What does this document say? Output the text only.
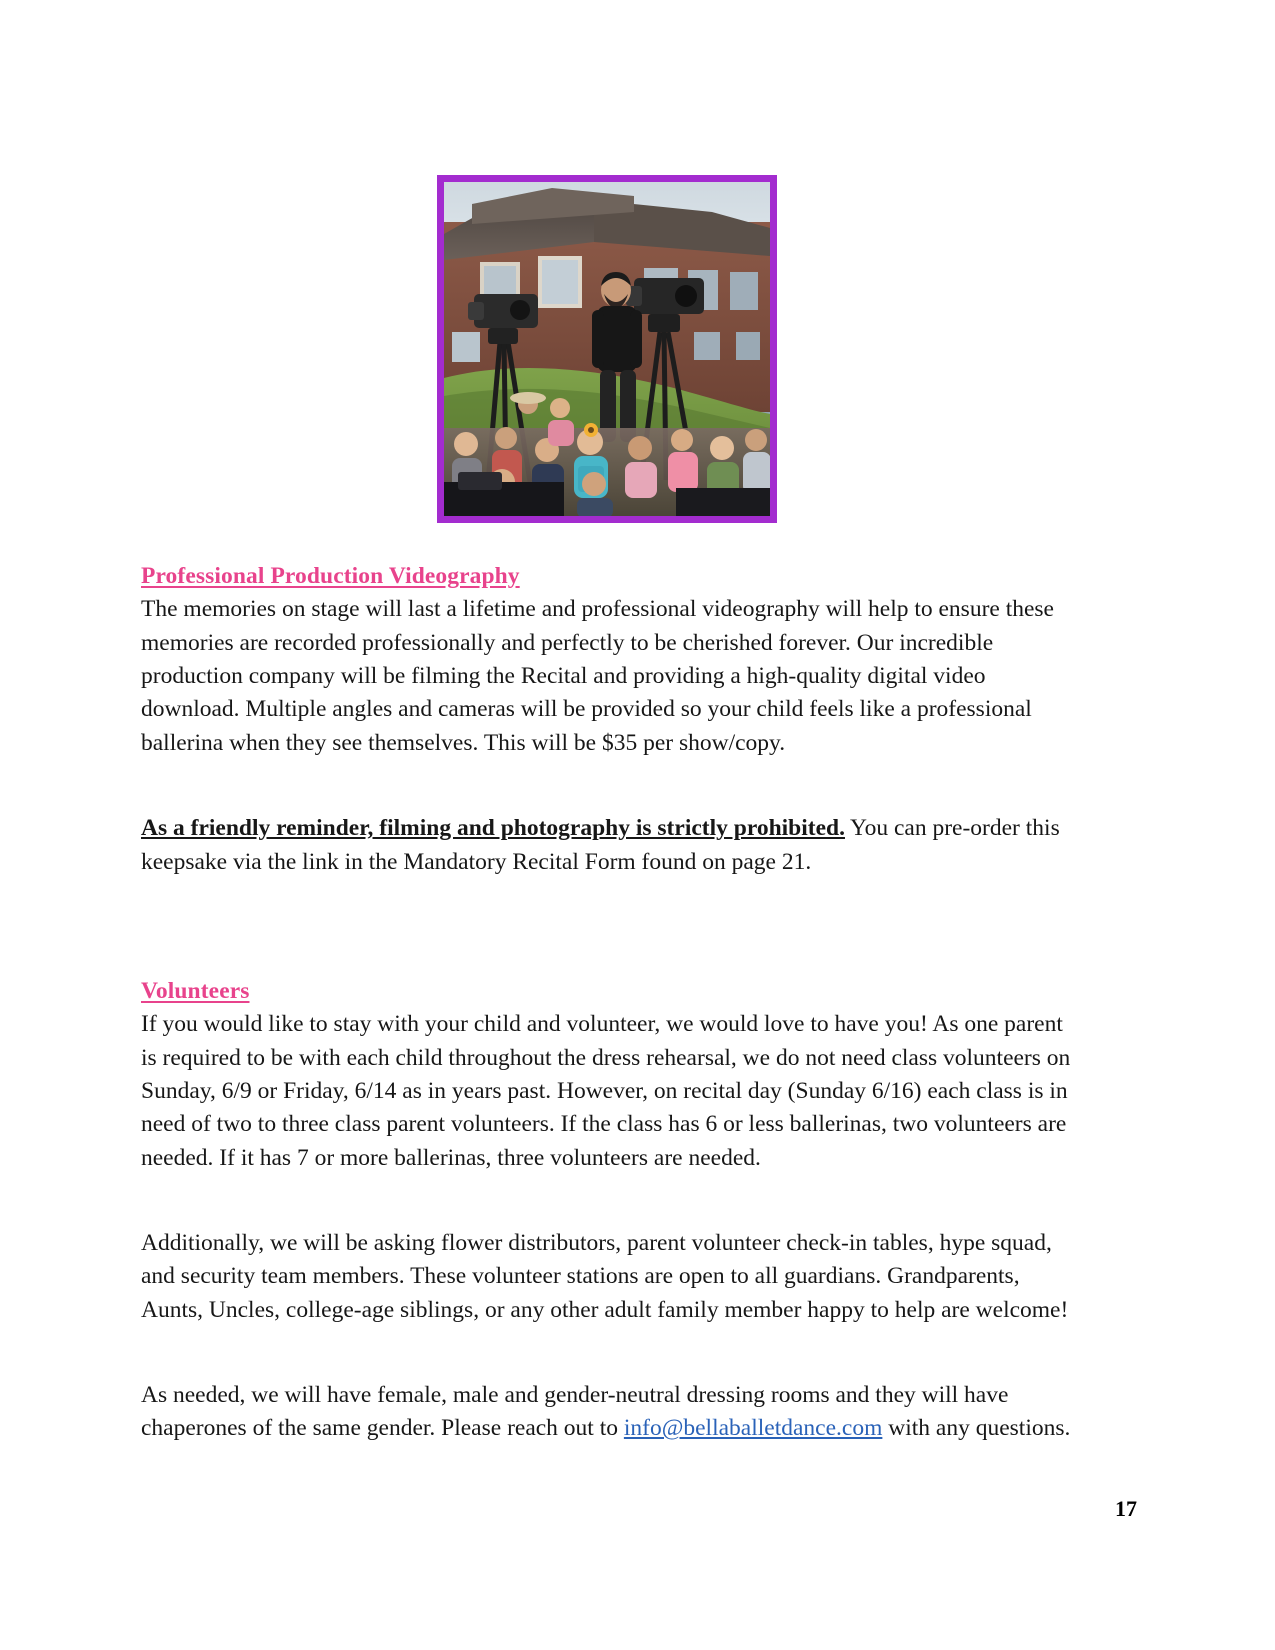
Professional Production Videography

The memories on stage will last a lifetime and professional videography will help to ensure these memories are recorded professionally and perfectly to be cherished forever. Our incredible production company will be filming the Recital and providing a high-quality digital video download. Multiple angles and cameras will be provided so your child feels like a professional ballerina when they see themselves. This will be $35 per show/copy.

As a friendly reminder, filming and photography is strictly prohibited. You can pre-order this keepsake via the link in the Mandatory Recital Form found on page 21.

Volunteers

If you would like to stay with your child and volunteer, we would love to have you! As one parent is required to be with each child throughout the dress rehearsal, we do not need class volunteers on Sunday, 6/9 or Friday, 6/14 as in years past. However, on recital day (Sunday 6/16) each class is in need of two to three class parent volunteers. If the class has 6 or less ballerinas, two volunteers are needed. If it has 7 or more ballerinas, three volunteers are needed.

Additionally, we will be asking flower distributors, parent volunteer check-in tables, hype squad, and security team members. These volunteer stations are open to all guardians. Grandparents, Aunts, Uncles, college-age siblings, or any other adult family member happy to help are welcome!

As needed, we will have female, male and gender-neutral dressing rooms and they will have chaperones of the same gender. Please reach out to info@bellaballetdance.com with any questions.

17
